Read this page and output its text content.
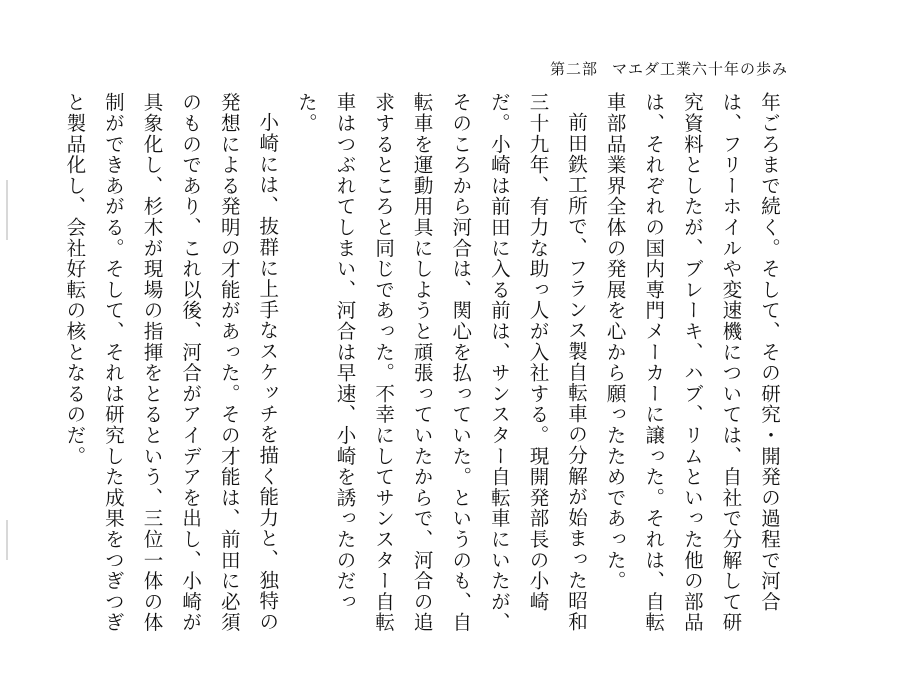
第二部 マエダ工業六十年の歩み

年ごろまで続く。そして、その研究・開発の過程で河合は、フリーホイルや変速機については、自社で分解して研究資料としたが、ブレーキ、ハブ、リムといった他の部品は、それぞれの国内専門メーカーに譲った。それは、自転車部品業界全体の発展を心から願ったためであった。

前田鉄工所で、フランス製自転車の分解が始まった昭和三十九年、有力な助っ人が入社する。現開発部長の小崎だ。小崎は前田に入る前は、サンスター自転車にいたが、そのころから河合は、関心を払っていた。というのも、自転車を運動用具にしようと頑張っていたからで、河合の追求するところと同じであった。不幸にしてサンスター自転車はつぶれてしまい、河合は早速、小崎を誘ったのだった。

小崎には、抜群に上手なスケッチを描く能力と、独特の発想による発明の才能があった。その才能は、前田に必須のものであり、これ以後、河合がアイデアを出し、小崎が具象化し、杉木が現場の指揮をとるという、三位一体の体制ができあがる。そして、それは研究した成果をつぎつぎと製品化し、会社好転の核となるのだ。
